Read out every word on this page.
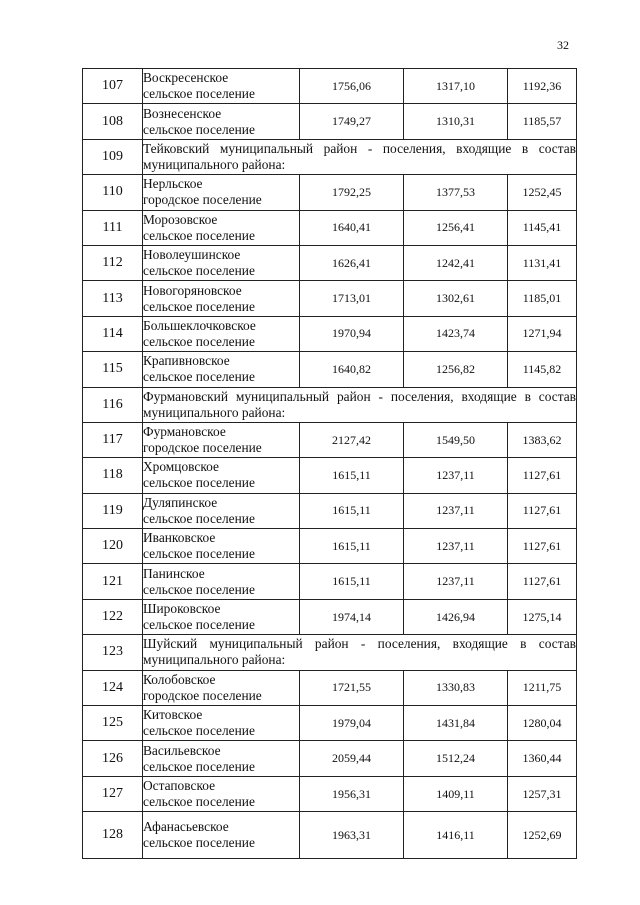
32
107	Воскресенское
сельское поселение	1756,06	1317,10	1192,36
108	Вознесенское
сельское поселение	1749,27	1310,31	1185,57
109	Тейковский муниципальный район - поселения, входящие в состав муниципального района:			
110	Нерльское
городское поселение	1792,25	1377,53	1252,45
111	Морозовское
сельское поселение	1640,41	1256,41	1145,41
112	Новолеушинское
сельское поселение	1626,41	1242,41	1131,41
113	Новогоряновское
сельское поселение	1713,01	1302,61	1185,01
114	Большеклочковское
сельское поселение	1970,94	1423,74	1271,94
115	Крапивновское
сельское поселение	1640,82	1256,82	1145,82
116	Фурмановский муниципальный район - поселения, входящие в состав муниципального района:			
117	Фурмановское
городское поселение	2127,42	1549,50	1383,62
118	Хромцовское
сельское поселение	1615,11	1237,11	1127,61
119	Дуляпинское
сельское поселение	1615,11	1237,11	1127,61
120	Иванковское
сельское поселение	1615,11	1237,11	1127,61
121	Панинское
сельское поселение	1615,11	1237,11	1127,61
122	Широковское
сельское поселение	1974,14	1426,94	1275,14
123	Шуйский муниципальный район - поселения, входящие в состав муниципального района:			
124	Колобовское
городское поселение	1721,55	1330,83	1211,75
125	Китовское
сельское поселение	1979,04	1431,84	1280,04
126	Васильевское
сельское поселение	2059,44	1512,24	1360,44
127	Остаповское
сельское поселение	1956,31	1409,11	1257,31
128	Афанасьевское
сельское поселение	1963,31	1416,11	1252,69
